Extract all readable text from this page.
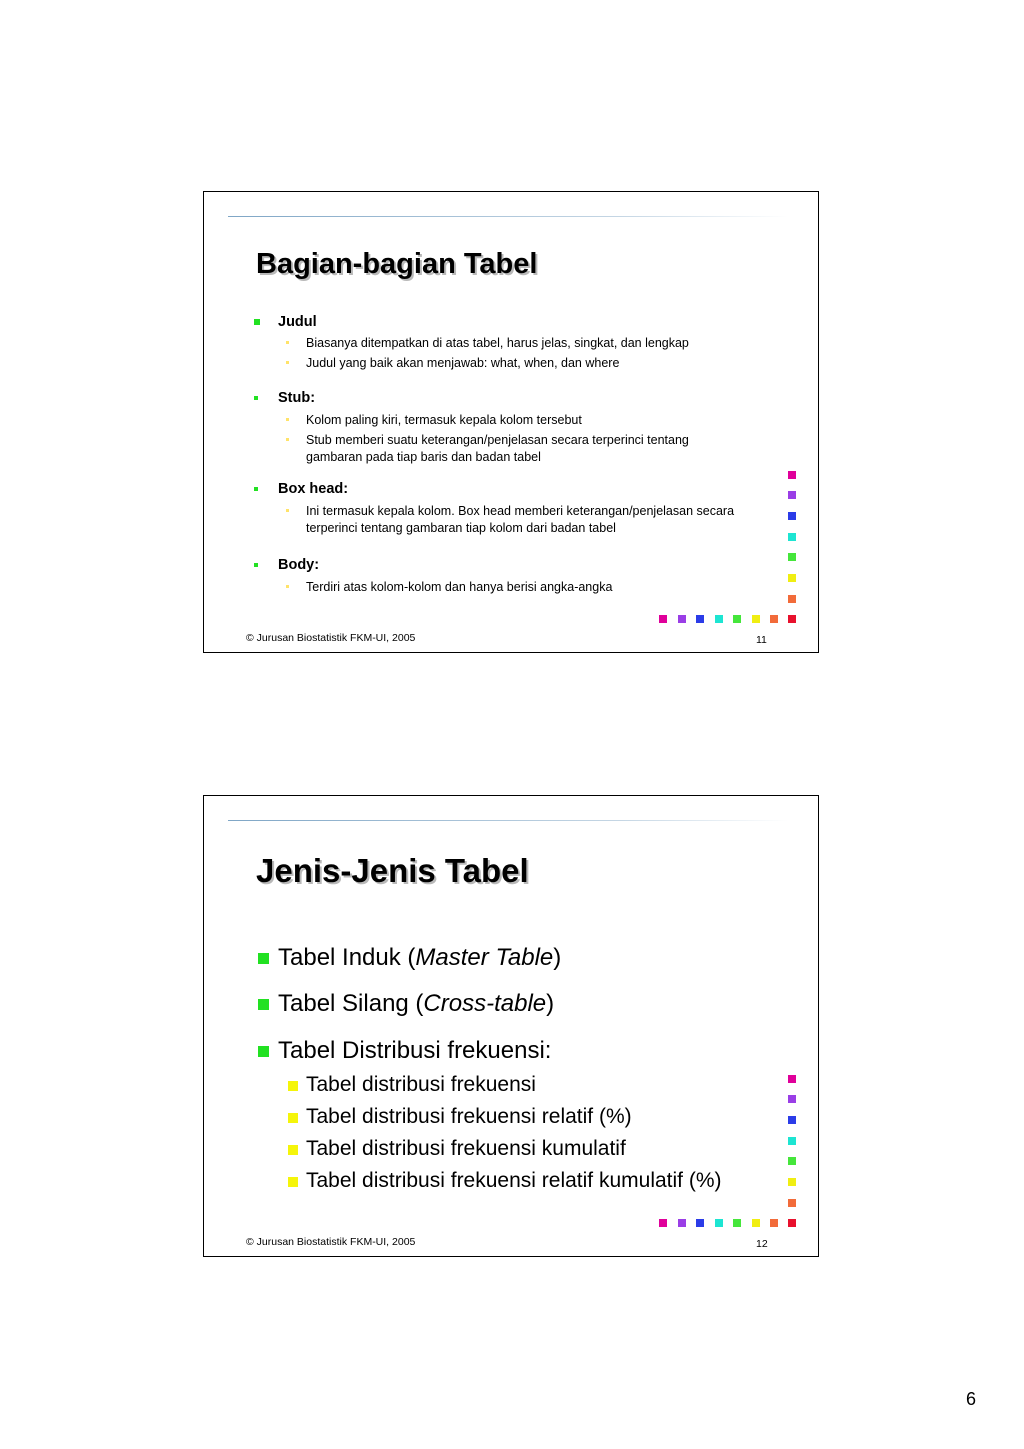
Bagian-bagian Tabel
Judul
Biasanya ditempatkan di atas tabel, harus jelas, singkat, dan lengkap
Judul yang baik akan menjawab: what, when, dan where
Stub:
Kolom paling kiri, termasuk kepala kolom tersebut
Stub memberi suatu keterangan/penjelasan secara terperinci tentang gambaran pada tiap baris dan badan tabel
Box head:
Ini termasuk kepala kolom. Box head memberi keterangan/penjelasan secara terperinci tentang gambaran tiap kolom dari badan tabel
Body:
Terdiri atas kolom-kolom dan hanya berisi angka-angka
© Jurusan Biostatistik FKM-UI, 2005	11
Jenis-Jenis Tabel
Tabel Induk (Master Table)
Tabel Silang (Cross-table)
Tabel Distribusi frekuensi:
Tabel distribusi frekuensi
Tabel distribusi frekuensi relatif (%)
Tabel distribusi frekuensi kumulatif
Tabel distribusi frekuensi relatif kumulatif (%)
© Jurusan Biostatistik FKM-UI, 2005	12
6
